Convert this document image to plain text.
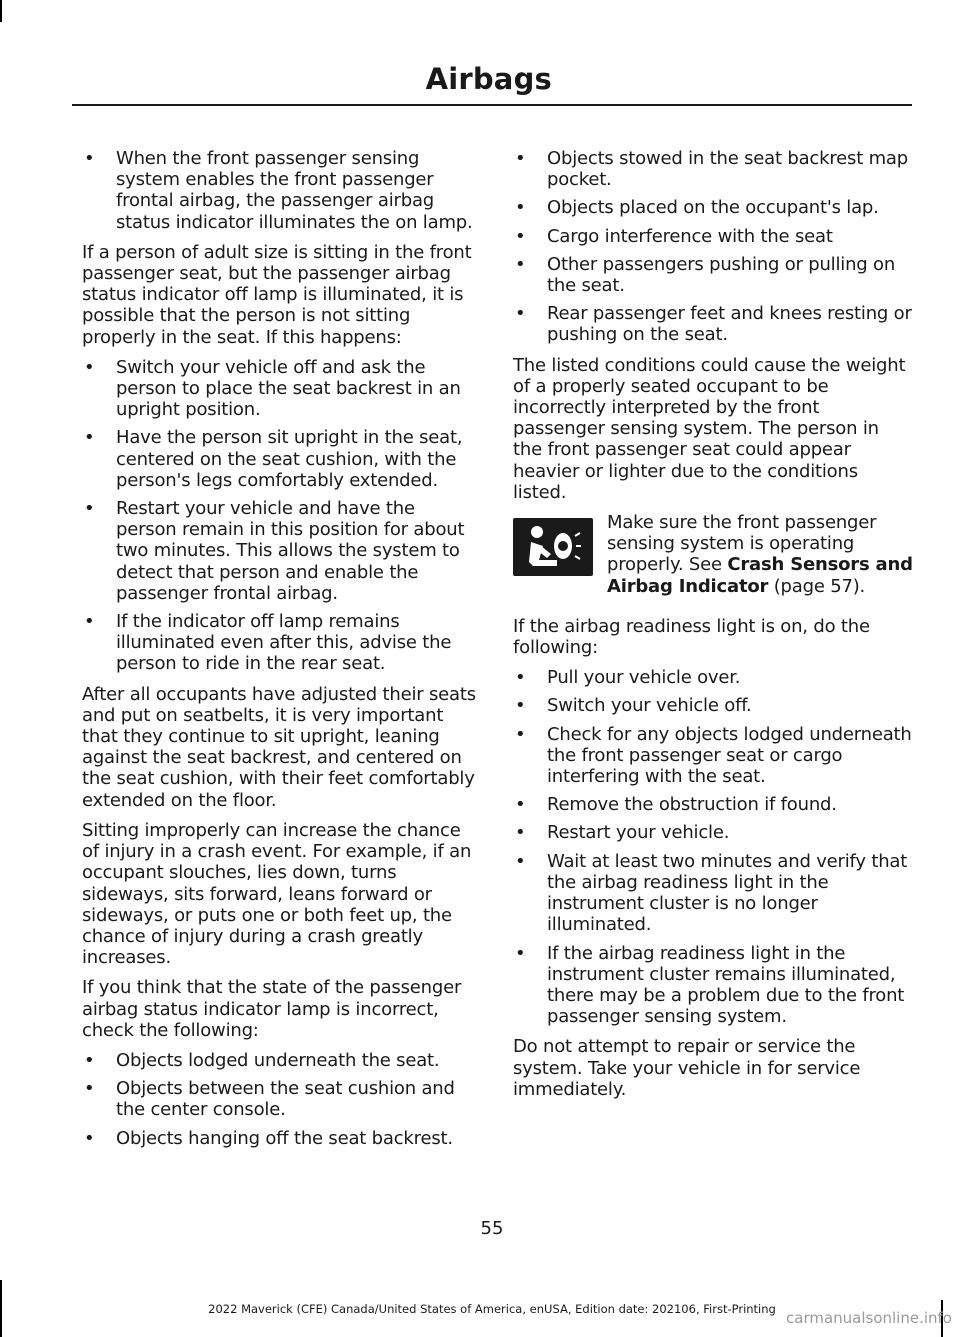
Airbags
• When the front passenger sensing system enables the front passenger frontal airbag, the passenger airbag status indicator illuminates the on lamp.

If a person of adult size is sitting in the front passenger seat, but the passenger airbag status indicator off lamp is illuminated, it is possible that the person is not sitting properly in the seat. If this happens:

• Switch your vehicle off and ask the person to place the seat backrest in an upright position.
• Have the person sit upright in the seat, centered on the seat cushion, with the person's legs comfortably extended.
• Restart your vehicle and have the person remain in this position for about two minutes. This allows the system to detect that person and enable the passenger frontal airbag.
• If the indicator off lamp remains illuminated even after this, advise the person to ride in the rear seat.

After all occupants have adjusted their seats and put on seatbelts, it is very important that they continue to sit upright, leaning against the seat backrest, and centered on the seat cushion, with their feet comfortably extended on the floor.

Sitting improperly can increase the chance of injury in a crash event. For example, if an occupant slouches, lies down, turns sideways, sits forward, leans forward or sideways, or puts one or both feet up, the chance of injury during a crash greatly increases.

If you think that the state of the passenger airbag status indicator lamp is incorrect, check the following:

• Objects lodged underneath the seat.
• Objects between the seat cushion and the center console.
• Objects hanging off the seat backrest.
• Objects stowed in the seat backrest map pocket.
• Objects placed on the occupant's lap.
• Cargo interference with the seat
• Other passengers pushing or pulling on the seat.
• Rear passenger feet and knees resting or pushing on the seat.

The listed conditions could cause the weight of a properly seated occupant to be incorrectly interpreted by the front passenger sensing system. The person in the front passenger seat could appear heavier or lighter due to the conditions listed.

Make sure the front passenger sensing system is operating properly. See Crash Sensors and Airbag Indicator (page 57).

If the airbag readiness light is on, do the following:

• Pull your vehicle over.
• Switch your vehicle off.
• Check for any objects lodged underneath the front passenger seat or cargo interfering with the seat.
• Remove the obstruction if found.
• Restart your vehicle.
• Wait at least two minutes and verify that the airbag readiness light in the instrument cluster is no longer illuminated.
• If the airbag readiness light in the instrument cluster remains illuminated, there may be a problem due to the front passenger sensing system.

Do not attempt to repair or service the system. Take your vehicle in for service immediately.

55
2022 Maverick (CFE) Canada/United States of America, enUSA, Edition date: 202106, First-Printing carmanualsonline.info
